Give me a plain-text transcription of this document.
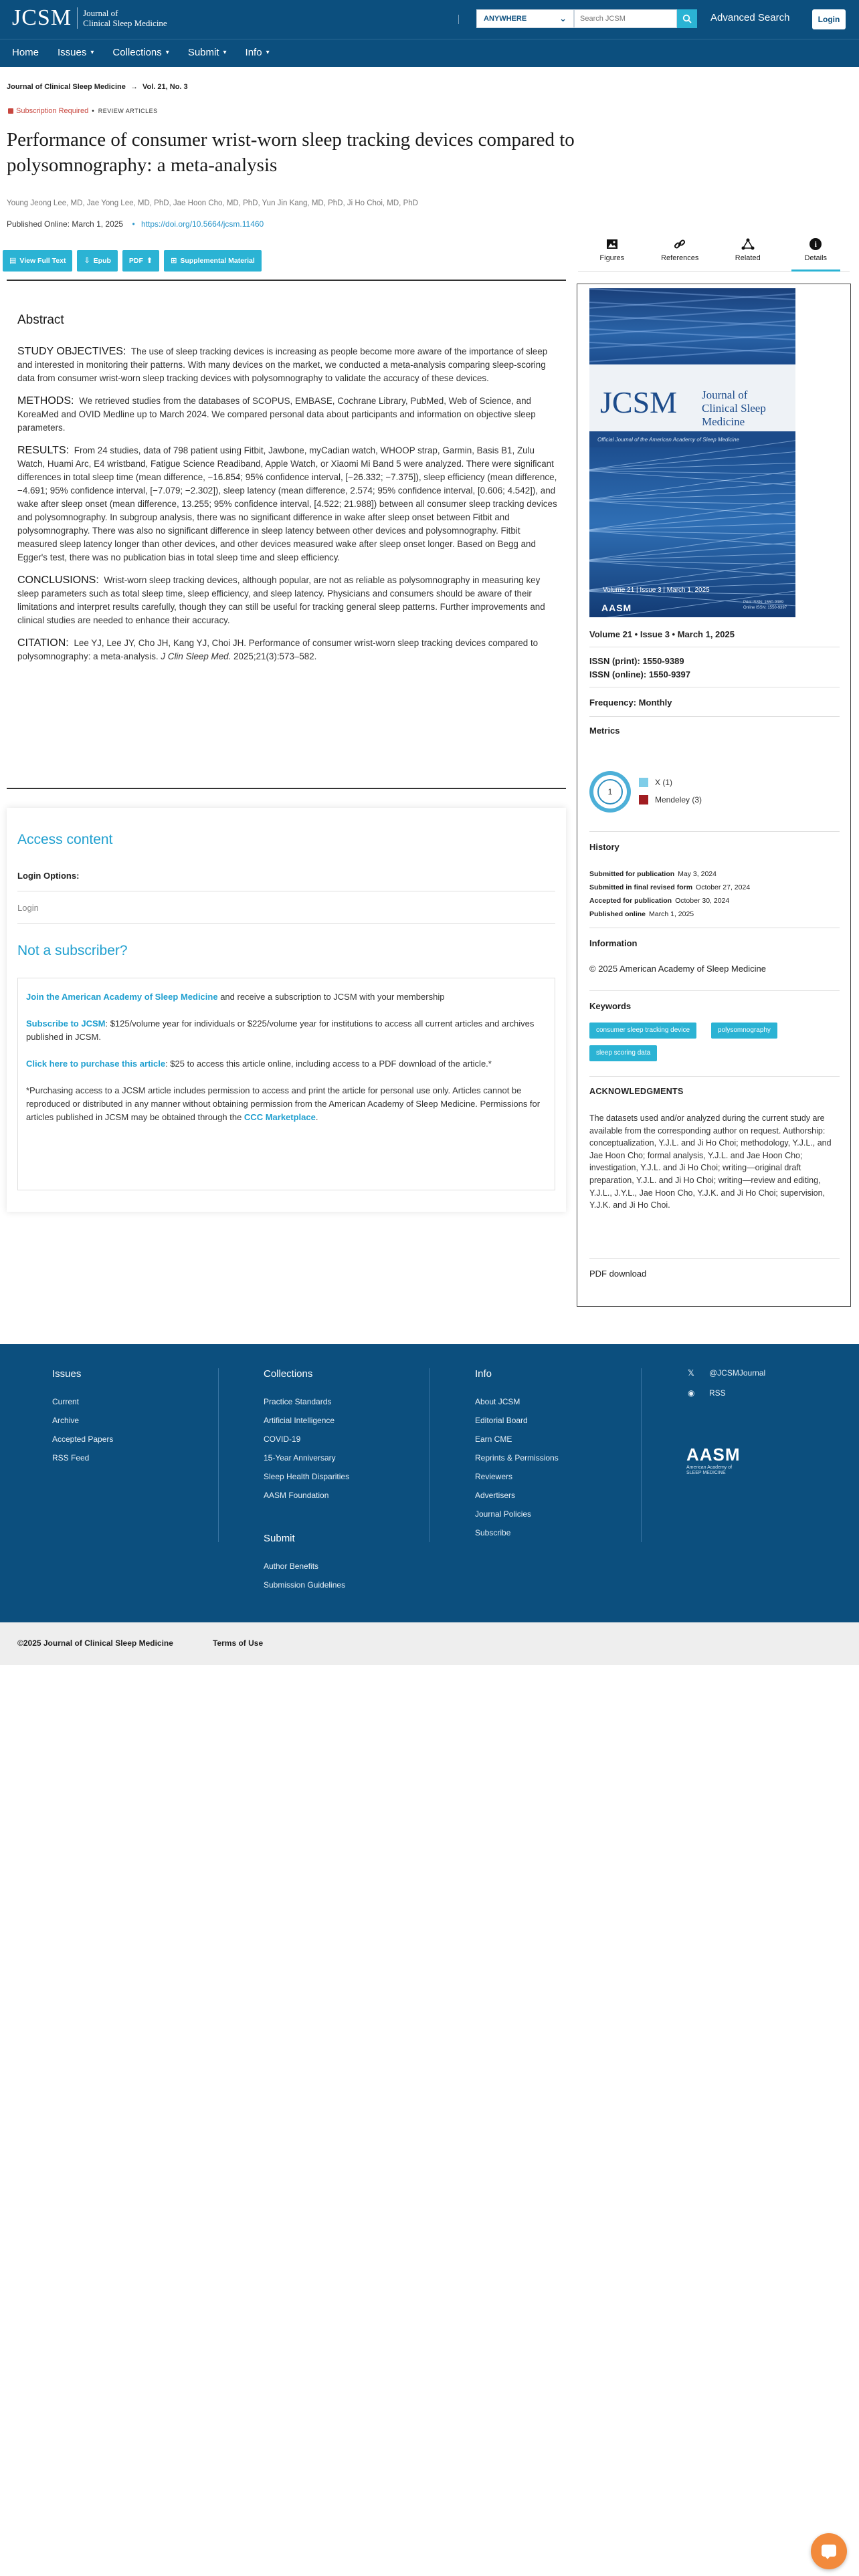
JCSM Journal of
Clinical Sleep Medicine	ANYWHERE	⌄
Search JCSM	Advanced Search	Login
Home Issues ▾ Collections ▾ Submit ▾ Info ▾
Journal of Clinical Sleep Medicine → Vol. 21, No. 3
Subscription Required • REVIEW ARTICLES
Performance of consumer wrist-worn sleep tracking devices compared to polysomnography: a meta-analysis
Young Jeong Lee, MD, Jae Yong Lee, MD, PhD, Jae Hoon Cho, MD, PhD, Yun Jin Kang, MD, PhD, Ji Ho Choi, MD, PhD
Published Online: March 1, 2025 • https://doi.org/10.5664/jcsm.11460
▤ View Full Text ⇩ Epub	PDF ⬆ ⊞ Supplemental Material	Figures	References	Related
i
Details
Abstract

STUDY OBJECTIVES: The use of sleep tracking devices is increasing as people become more aware of the importance of sleep and interested in monitoring their patterns. With many devices on the market, we conducted a meta-analysis comparing sleep-scoring data from consumer wrist-worn sleep tracking devices with polysomnography to validate the accuracy of these devices.

METHODS: We retrieved studies from the databases of SCOPUS, EMBASE, Cochrane Library, PubMed, Web of Science, and KoreaMed and OVID Medline up to March 2024. We compared personal data about participants and information on objective sleep parameters.

RESULTS: From 24 studies, data of 798 patient using Fitbit, Jawbone, myCadian watch, WHOOP strap, Garmin, Basis B1, Zulu Watch, Huami Arc, E4 wristband, Fatigue Science Readiband, Apple Watch, or Xiaomi Mi Band 5 were analyzed. There were significant differences in total sleep time (mean difference, −16.854; 95% confidence interval, [−26.332; −7.375]), sleep efficiency (mean difference, −4.691; 95% confidence interval, [−7.079; −2.302]), sleep latency (mean difference, 2.574; 95% confidence interval, [0.606; 4.542]), and wake after sleep onset (mean difference, 13.255; 95% confidence interval, [4.522; 21.988]) between all consumer sleep tracking devices and polysomnography. In subgroup analysis, there was no significant difference in wake after sleep onset between Fitbit and polysomnography. There was also no significant difference in sleep latency between other devices and polysomnography. Fitbit measured sleep latency longer than other devices, and other devices measured wake after sleep onset longer. Based on Begg and Egger's test, there was no publication bias in total sleep time and sleep efficiency.

CONCLUSIONS: Wrist-worn sleep tracking devices, although popular, are not as reliable as polysomnography in measuring key sleep parameters such as total sleep time, sleep efficiency, and sleep latency. Physicians and consumers should be aware of their limitations and interpret results carefully, though they can still be useful for tracking general sleep patterns. Further improvements and clinical studies are needed to enhance their accuracy.

CITATION: Lee YJ, Lee JY, Cho JH, Kang YJ, Choi JH. Performance of consumer wrist-worn sleep tracking devices compared to polysomnography: a meta-analysis. J Clin Sleep Med. 2025;21(3):573–582.

Access content
Login Options:
Login
Not a subscriber?

Join the American Academy of Sleep Medicine and receive a subscription to JCSM with your membership

Subscribe to JCSM: $125/volume year for individuals or $225/volume year for institutions to access all current articles and archives published in JCSM.

Click here to purchase this article: $25 to access this article online, including access to a PDF download of the article.*

*Purchasing access to a JCSM article includes permission to access and print the article for personal use only. Articles cannot be reproduced or distributed in any manner without obtaining permission from the American Academy of Sleep Medicine. Permissions for articles published in JCSM may be obtained through the CCC Marketplace.

JCSM Journal of
Clinical Sleep Medicine
Official Journal of the American Academy of Sleep Medicine
Volume 21 | Issue 3 | March 1, 2025
AASM	Print ISSN: 1550-9389
Online ISSN: 1550-9397
Volume 21 • Issue 3 • March 1, 2025
ISSN (print): 1550-9389
ISSN (online): 1550-9397
Frequency: Monthly
Metrics
1
X (1)
Mendeley (3)
History
Submitted for publication May 3, 2024
Submitted in final revised form October 27, 2024
Accepted for publication October 30, 2024
Published online March 1, 2025
Information
© 2025 American Academy of Sleep Medicine
Keywords
consumer sleep tracking device	polysomnography
sleep scoring data
ACKNOWLEDGMENTS
The datasets used and/or analyzed during the current study are available from the corresponding author on request. Authorship: conceptualization, Y.J.L. and Ji Ho Choi; methodology, Y.J.L., and Jae Hoon Cho; formal analysis, Y.J.L. and Jae Hoon Cho; investigation, Y.J.L. and Ji Ho Choi; writing—original draft preparation, Y.J.L. and Ji Ho Choi; writing—review and editing, Y.J.L., J.Y.L., Jae Hoon Cho, Y.J.K. and Ji Ho Choi; supervision, Y.J.K. and Ji Ho Choi.
PDF download
Issues
Current
Archive
Accepted Papers
RSS Feed
Collections
Practice Standards
Artificial Intelligence
COVID-19
15-Year Anniversary
Sleep Health Disparities
AASM Foundation
Submit
Author Benefits
Submission Guidelines
Info
About JCSM
Editorial Board
Earn CME
Reprints & Permissions
Reviewers
Advertisers
Journal Policies
Subscribe
𝕏	@JCSMJournal
◉	RSS
AASM
American Academy of
SLEEP MEDICINE
©2025 Journal of Clinical Sleep Medicine	Terms of Use
